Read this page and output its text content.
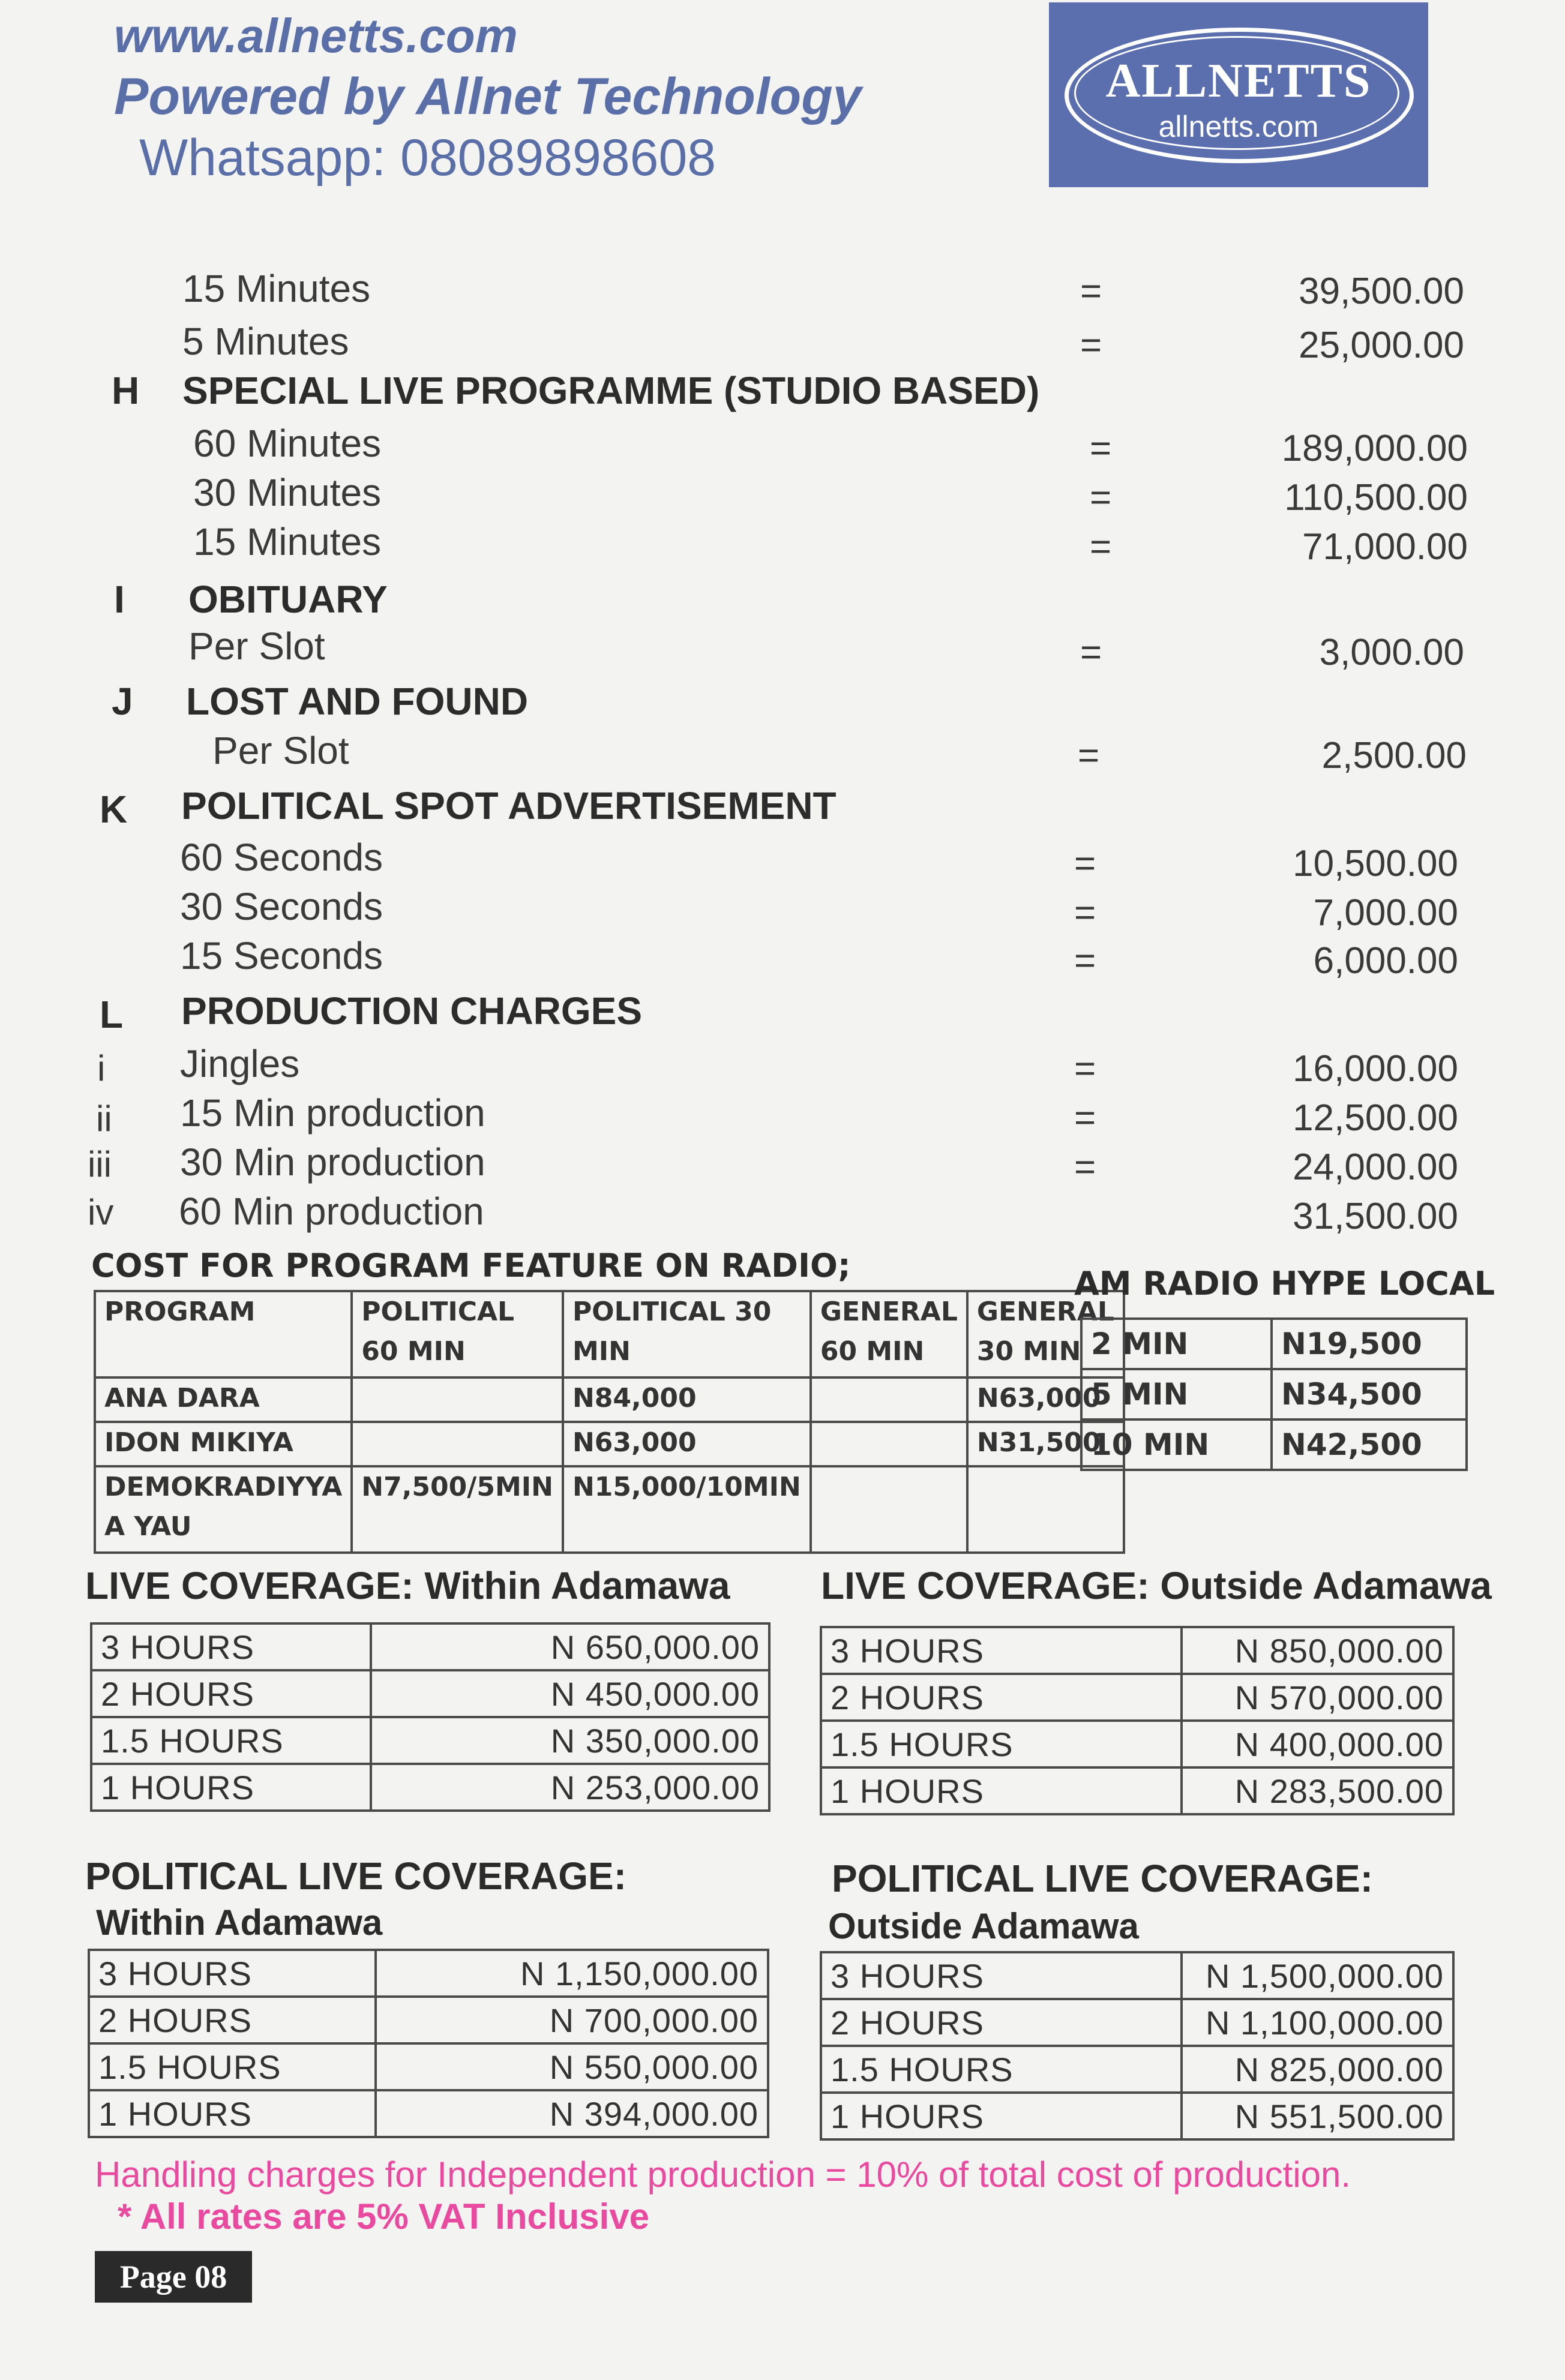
www.allnetts.com
Powered by Allnet Technology
Whatsapp: 08089898608
ALLNETTS
allnetts.com
15 Minutes	=	39,500.00
5 Minutes	=	25,000.00
H SPECIAL LIVE PROGRAMME (STUDIO BASED)
60 Minutes	=	189,000.00
30 Minutes	=	110,500.00
15 Minutes	=	71,000.00
I OBITUARY
Per Slot	=	3,000.00
J LOST AND FOUND
Per Slot	=	2,500.00
K POLITICAL SPOT ADVERTISEMENT
60 Seconds	=	10,500.00
30 Seconds	=	7,000.00
15 Seconds	=	6,000.00
L PRODUCTION CHARGES
i Jingles	=	16,000.00
ii 15 Min production	=	12,500.00
iii 30 Min production	=	24,000.00
iv 60 Min production	31,500.00
COST FOR PROGRAM FEATURE ON RADIO;
PROGRAM	POLITICAL 60 MIN	POLITICAL 30 MIN	GENERAL 60 MIN	GENERAL 30 MIN
ANA DARA		N84,000		N63,000
IDON MIKIYA		N63,000		N31,500
DEMOKRADIYYA A YAU	N7,500/5MIN	N15,000/10MIN		
AM RADIO HYPE LOCAL
2 MIN	N19,500
5 MIN	N34,500
10 MIN	N42,500
LIVE COVERAGE: Within Adamawa
3 HOURS	N 650,000.00
2 HOURS	N 450,000.00
1.5 HOURS	N 350,000.00
1 HOURS	N 253,000.00
LIVE COVERAGE: Outside Adamawa
3 HOURS	N 850,000.00
2 HOURS	N 570,000.00
1.5 HOURS	N 400,000.00
1 HOURS	N 283,500.00
POLITICAL LIVE COVERAGE:
Within Adamawa
3 HOURS	N 1,150,000.00
2 HOURS	N 700,000.00
1.5 HOURS	N 550,000.00
1 HOURS	N 394,000.00
POLITICAL LIVE COVERAGE:
Outside Adamawa
3 HOURS	N 1,500,000.00
2 HOURS	N 1,100,000.00
1.5 HOURS	N 825,000.00
1 HOURS	N 551,500.00
Handling charges for Independent production = 10% of total cost of production.
* All rates are 5% VAT Inclusive
Page 08
